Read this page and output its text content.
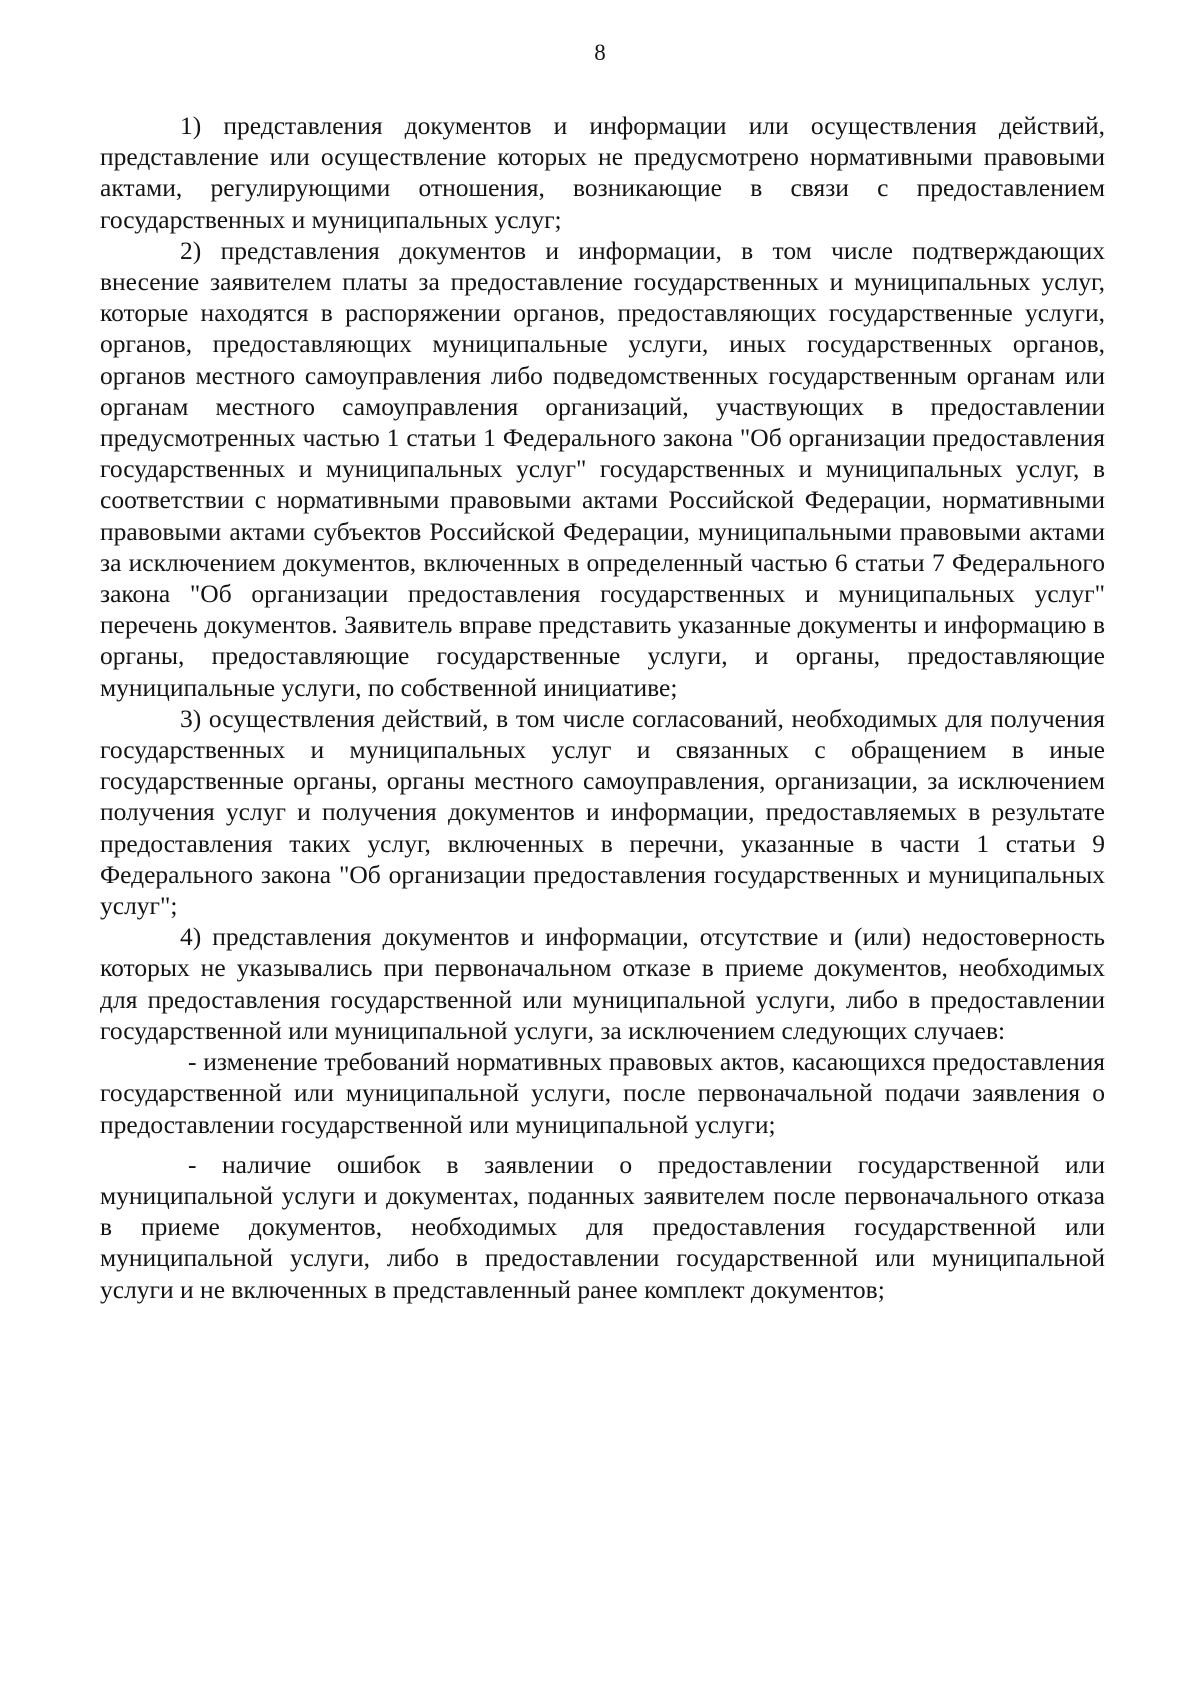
8

1) представления документов и информации или осуществления действий, представление или осуществление которых не предусмотрено нормативными правовыми актами, регулирующими отношения, возникающие в связи с предоставлением государственных и муниципальных услуг;

2) представления документов и информации, в том числе подтверждающих внесение заявителем платы за предоставление государственных и муниципальных услуг, которые находятся в распоряжении органов, предоставляющих государственные услуги, органов, предоставляющих муниципальные услуги, иных государственных органов, органов местного самоуправления либо подведомственных государственным органам или органам местного самоуправления организаций, участвующих в предоставлении предусмотренных частью 1 статьи 1 Федерального закона "Об организации предоставления государственных и муниципальных услуг" государственных и муниципальных услуг, в соответствии с нормативными правовыми актами Российской Федерации, нормативными правовыми актами субъектов Российской Федерации, муниципальными правовыми актами за исключением документов, включенных в определенный частью 6 статьи 7 Федерального закона "Об организации предоставления государственных и муниципальных услуг" перечень документов. Заявитель вправе представить указанные документы и информацию в органы, предоставляющие государственные услуги, и органы, предоставляющие муниципальные услуги, по собственной инициативе;

3) осуществления действий, в том числе согласований, необходимых для получения государственных и муниципальных услуг и связанных с обращением в иные государственные органы, органы местного самоуправления, организации, за исключением получения услуг и получения документов и информации, предоставляемых в результате предоставления таких услуг, включенных в перечни, указанные в части 1 статьи 9 Федерального закона "Об организации предоставления государственных и муниципальных услуг";

4) представления документов и информации, отсутствие и (или) недостоверность которых не указывались при первоначальном отказе в приеме документов, необходимых для предоставления государственной или муниципальной услуги, либо в предоставлении государственной или муниципальной услуги, за исключением следующих случаев:

- изменение требований нормативных правовых актов, касающихся предоставления государственной или муниципальной услуги, после первоначальной подачи заявления о предоставлении государственной или муниципальной услуги;

- наличие ошибок в заявлении о предоставлении государственной или муниципальной услуги и документах, поданных заявителем после первоначального отказа в приеме документов, необходимых для предоставления государственной или муниципальной услуги, либо в предоставлении государственной или муниципальной услуги и не включенных в представленный ранее комплект документов;
